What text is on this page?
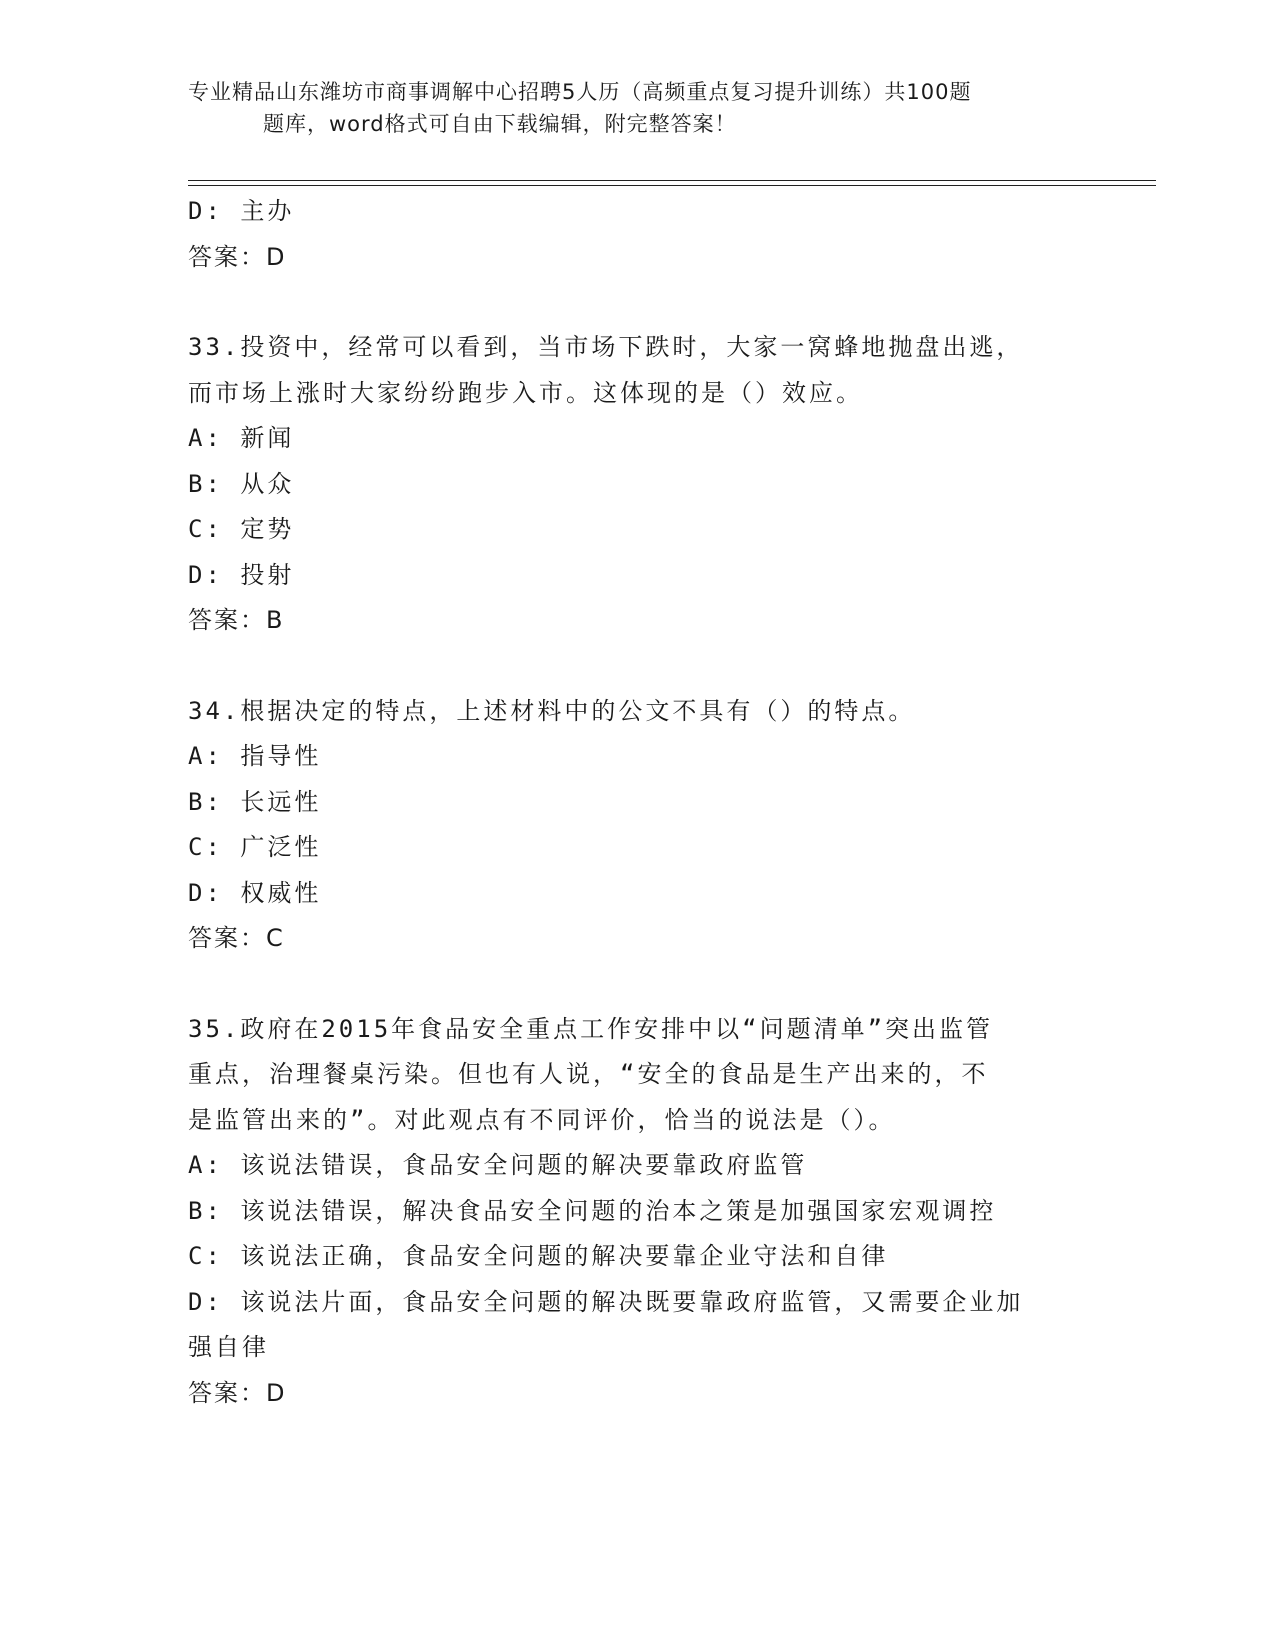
专业精品山东潍坊市商事调解中心招聘5人历（高频重点复习提升训练）共100题
题库，word格式可自由下载编辑，附完整答案！
D: 主办
答案：D
33.投资中，经常可以看到，当市场下跌时，大家一窝蜂地抛盘出逃，
而市场上涨时大家纷纷跑步入市。这体现的是（）效应。
A: 新闻
B: 从众
C: 定势
D: 投射
答案：B
34.根据决定的特点，上述材料中的公文不具有（）的特点。
A: 指导性
B: 长远性
C: 广泛性
D: 权威性
答案：C
35.政府在2015年食品安全重点工作安排中以“问题清单”突出监管
重点，治理餐桌污染。但也有人说，“安全的食品是生产出来的，不
是监管出来的”。对此观点有不同评价，恰当的说法是（）。
A: 该说法错误，食品安全问题的解决要靠政府监管
B: 该说法错误，解决食品安全问题的治本之策是加强国家宏观调控
C: 该说法正确，食品安全问题的解决要靠企业守法和自律
D: 该说法片面，食品安全问题的解决既要靠政府监管，又需要企业加
强自律
答案：D
